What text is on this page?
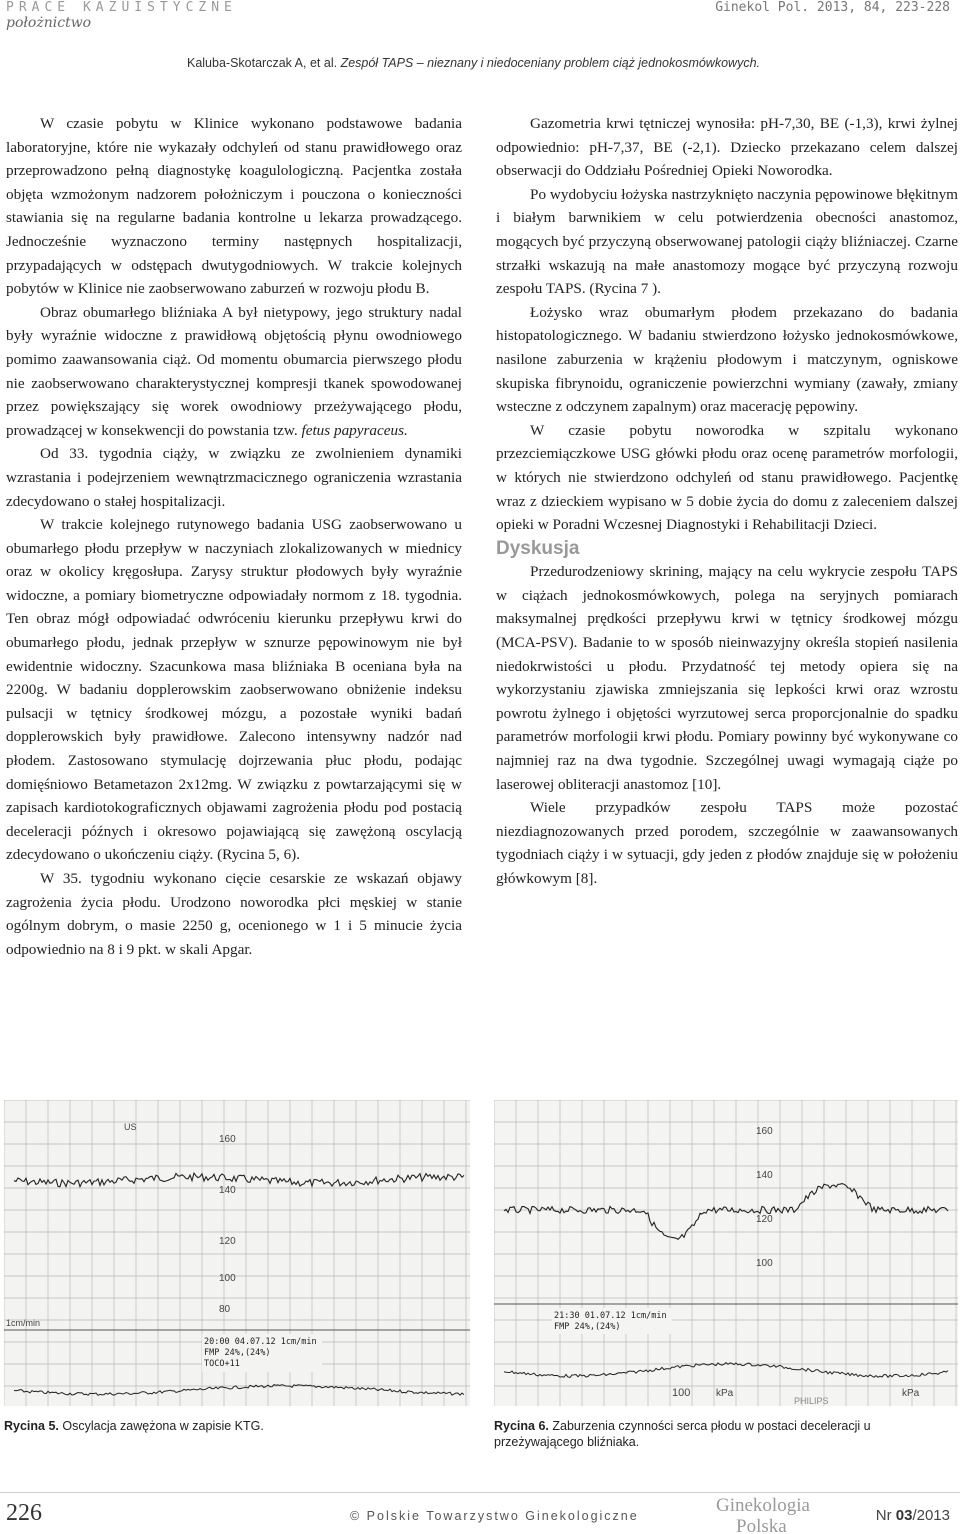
PRACE KAZUISTYCZNE
położnictwo
Ginekol Pol. 2013, 84, 223-228
Kaluba-Skotarczak A, et al. Zespół TAPS – nieznany i niedoceniany problem ciąż jednokosmówkowych.

W czasie pobytu w Klinice wykonano podstawowe badania laboratoryjne, które nie wykazały odchyleń od stanu prawidłowego oraz przeprowadzono pełną diagnostykę koagulologiczną. Pacjentka została objęta wzmożonym nadzorem położniczym i pouczona o konieczności stawiania się na regularne badania kontrolne u lekarza prowadzącego. Jednocześnie wyznaczono terminy następnych hospitalizacji, przypadających w odstępach dwutygodniowych. W trakcie kolejnych pobytów w Klinice nie zaobserwowano zaburzeń w rozwoju płodu B.

Obraz obumarłego bliźniaka A był nietypowy, jego struktury nadal były wyraźnie widoczne z prawidłową objętością płynu owodniowego pomimo zaawansowania ciąż. Od momentu obumarcia pierwszego płodu nie zaobserwowano charakterystycznej kompresji tkanek spowodowanej przez powiększający się worek owodniowy przeżywającego płodu, prowadzącej w konsekwencji do powstania tzw. fetus papyraceus.

Od 33. tygodnia ciąży, w związku ze zwolnieniem dynamiki wzrastania i podejrzeniem wewnątrzmacicznego ograniczenia wzrastania zdecydowano o stałej hospitalizacji.

W trakcie kolejnego rutynowego badania USG zaobserwowano u obumarłego płodu przepływ w naczyniach zlokalizowanych w miednicy oraz w okolicy kręgosłupa. Zarysy struktur płodowych były wyraźnie widoczne, a pomiary biometryczne odpowiadały normom z 18. tygodnia. Ten obraz mógł odpowiadać odwróceniu kierunku przepływu krwi do obumarłego płodu, jednak przepływ w sznurze pępowinowym nie był ewidentnie widoczny. Szacunkowa masa bliźniaka B oceniana była na 2200g. W badaniu dopplerowskim zaobserwowano obniżenie indeksu pulsacji w tętnicy środkowej mózgu, a pozostałe wyniki badań dopplerowskich były prawidłowe. Zalecono intensywny nadzór nad płodem. Zastosowano stymulację dojrzewania płuc płodu, podając domięśniowo Betametazon 2x12mg. W związku z powtarzającymi się w zapisach kardiotokograficznych objawami zagrożenia płodu pod postacią deceleracji późnych i okresowo pojawiającą się zawężoną oscylacją zdecydowano o ukończeniu ciąży. (Rycina 5, 6).

W 35. tygodniu wykonano cięcie cesarskie ze wskazań objawy zagrożenia życia płodu. Urodzono noworodka płci męskiej w stanie ogólnym dobrym, o masie 2250 g, ocenionego w 1 i 5 minucie życia odpowiednio na 8 i 9 pkt. w skali Apgar.

Gazometria krwi tętniczej wynosiła: pH-7,30, BE (-1,3), krwi żylnej odpowiednio: pH-7,37, BE (-2,1). Dziecko przekazano celem dalszej obserwacji do Oddziału Pośredniej Opieki Noworodka.

Po wydobyciu łożyska nastrzyknięto naczynia pępowinowe błękitnym i białym barwnikiem w celu potwierdzenia obecności anastomoz, mogących być przyczyną obserwowanej patologii ciąży bliźniaczej. Czarne strzałki wskazują na małe anastomozy mogące być przyczyną rozwoju zespołu TAPS. (Rycina 7 ).

Łożysko wraz obumarłym płodem przekazano do badania histopatologicznego. W badaniu stwierdzono łożysko jednokosmówkowe, nasilone zaburzenia w krążeniu płodowym i matczynym, ogniskowe skupiska fibrynoidu, ograniczenie powierzchni wymiany (zawały, zmiany wsteczne z odczynem zapalnym) oraz macerację pępowiny.

W czasie pobytu noworodka w szpitalu wykonano przezciemiączkowe USG główki płodu oraz ocenę parametrów morfologii, w których nie stwierdzono odchyleń od stanu prawidłowego. Pacjentkę wraz z dzieckiem wypisano w 5 dobie życia do domu z zaleceniem dalszej opieki w Poradni Wczesnej Diagnostyki i Rehabilitacji Dzieci.

Dyskusja

Przedurodzeniowy skrining, mający na celu wykrycie zespołu TAPS w ciążach jednokosmówkowych, polega na seryjnych pomiarach maksymalnej prędkości przepływu krwi w tętnicy środkowej mózgu (MCA-PSV). Badanie to w sposób nieinwazyjny określa stopień nasilenia niedokrwistości u płodu. Przydatność tej metody opiera się na wykorzystaniu zjawiska zmniejszania się lepkości krwi oraz wzrostu powrotu żylnego i objętości wyrzutowej serca proporcjonalnie do spadku parametrów morfologii krwi płodu. Pomiary powinny być wykonywane co najmniej raz na dwa tygodnie. Szczególnej uwagi wymagają ciąże po laserowej obliteracji anastomoz [10].

Wiele przypadków zespołu TAPS może pozostać niezdiagnozowanych przed porodem, szczególnie w zaawansowanych tygodniach ciąży i w sytuacji, gdy jeden z płodów znajduje się w położeniu główkowym [8].

160
140
120
100
80
US
1cm/min
20:00 04.07.12 1cm/min
FMP 24%,(24%)
TOCO+11
160
140
120
100
21:30 01.07.12 1cm/min
FMP 24%,(24%)
100	kPa	kPa
PHILIPS
Rycina 5. Oscylacja zawężona w zapisie KTG.	Rycina 6. Zaburzenia czynności serca płodu w postaci deceleracji u przeżywającego bliźniaka.
226	© Polskie Towarzystwo Ginekologiczne	Ginekologia
Polska
Nr 03/2013
